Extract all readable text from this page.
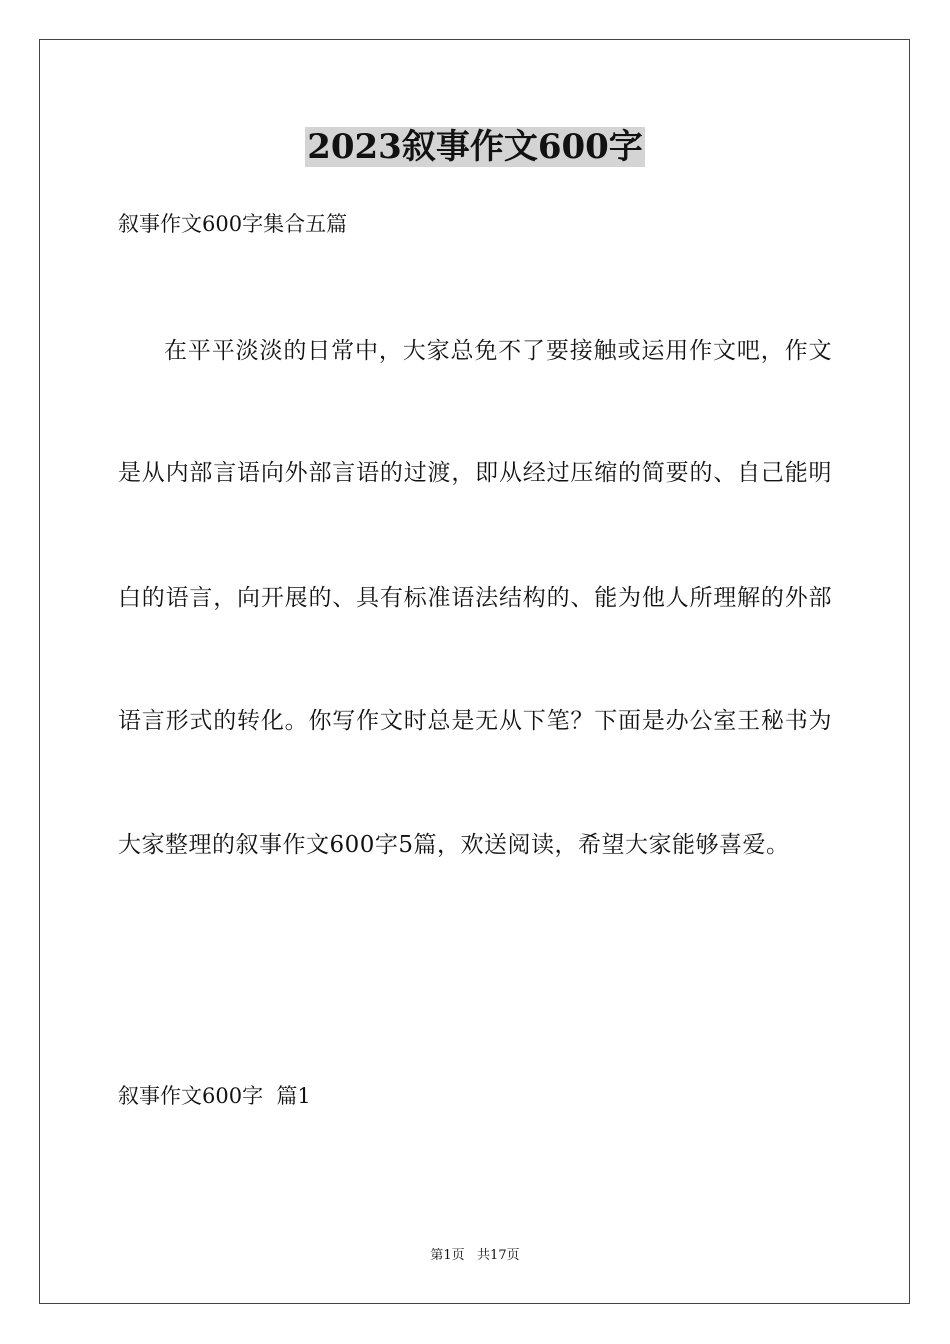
2023叙事作文600字
叙事作文600字集合五篇
在平平淡淡的日常中，大家总免不了要接触或运用作文吧，作文
是从内部言语向外部言语的过渡，即从经过压缩的简要的、自己能明
白的语言，向开展的、具有标准语法结构的、能为他人所理解的外部
语言形式的转化。你写作文时总是无从下笔？下面是办公室王秘书为
大家整理的叙事作文600字5篇，欢送阅读，希望大家能够喜爱。
叙事作文600字  篇1
第1页   共17页
